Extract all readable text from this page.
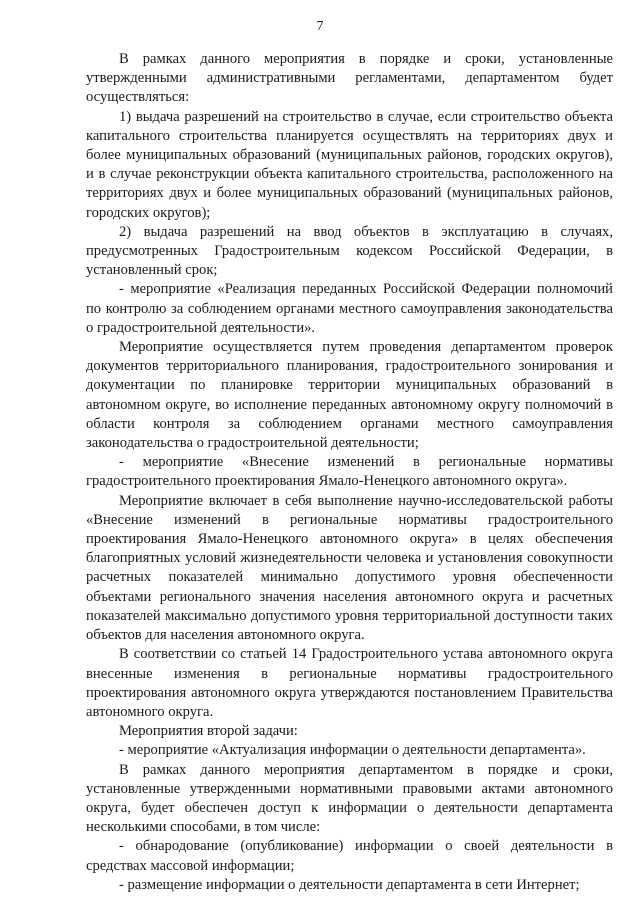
7

В рамках данного мероприятия в порядке и сроки, установленные утвержденными административными регламентами, департаментом будет осуществляться:

1) выдача разрешений на строительство в случае, если строительство объекта капитального строительства планируется осуществлять на территориях двух и более муниципальных образований (муниципальных районов, городских округов), и в случае реконструкции объекта капитального строительства, расположенного на территориях двух и более муниципальных образований (муниципальных районов, городских округов);

2) выдача разрешений на ввод объектов в эксплуатацию в случаях, предусмотренных Градостроительным кодексом Российской Федерации, в установленный срок;

- мероприятие «Реализация переданных Российской Федерации полномочий по контролю за соблюдением органами местного самоуправления законодательства о градостроительной деятельности».

Мероприятие осуществляется путем проведения департаментом проверок документов территориального планирования, градостроительного зонирования и документации по планировке территории муниципальных образований в автономном округе, во исполнение переданных автономному округу полномочий в области контроля за соблюдением органами местного самоуправления законодательства о градостроительной деятельности;

- мероприятие «Внесение изменений в региональные нормативы градостроительного проектирования Ямало-Ненецкого автономного округа».

Мероприятие включает в себя выполнение научно-исследовательской работы «Внесение изменений в региональные нормативы градостроительного проектирования Ямало-Ненецкого автономного округа» в целях обеспечения благоприятных условий жизнедеятельности человека и установления совокупности расчетных показателей минимально допустимого уровня обеспеченности объектами регионального значения населения автономного округа и расчетных показателей максимально допустимого уровня территориальной доступности таких объектов для населения автономного округа.

В соответствии со статьей 14 Градостроительного устава автономного округа внесенные изменения в региональные нормативы градостроительного проектирования автономного округа утверждаются постановлением Правительства автономного округа.

Мероприятия второй задачи:

- мероприятие «Актуализация информации о деятельности департамента».

В рамках данного мероприятия департаментом в порядке и сроки, установленные утвержденными нормативными правовыми актами автономного округа, будет обеспечен доступ к информации о деятельности департамента несколькими способами, в том числе:

- обнародование (опубликование) информации о своей деятельности в средствах массовой информации;

- размещение информации о деятельности департамента в сети Интернет;
